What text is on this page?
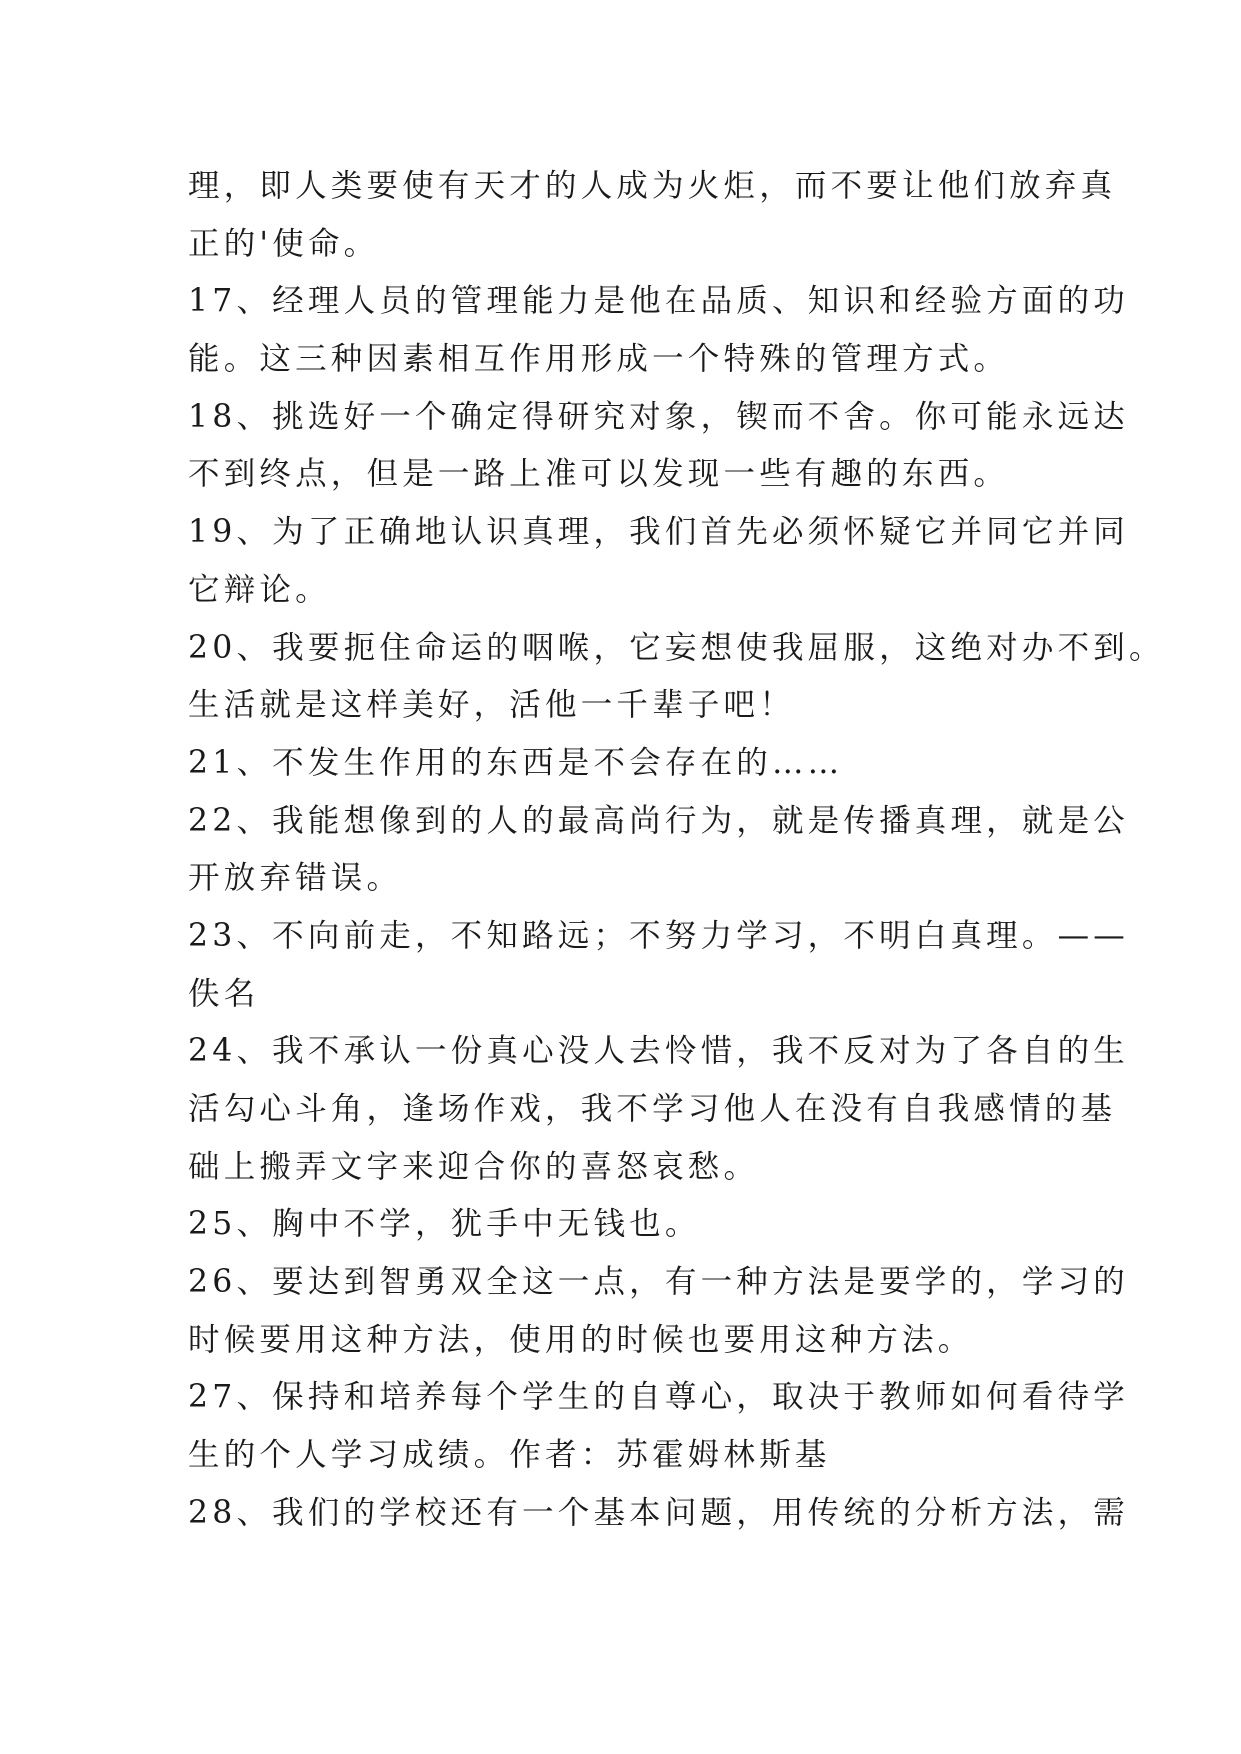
理，即人类要使有天才的人成为火炬，而不要让他们放弃真
正的'使命。
17、经理人员的管理能力是他在品质、知识和经验方面的功
能。这三种因素相互作用形成一个特殊的管理方式。
18、挑选好一个确定得研究对象，锲而不舍。你可能永远达
不到终点，但是一路上准可以发现一些有趣的东西。
19、为了正确地认识真理，我们首先必须怀疑它并同它并同
它辩论。
20、我要扼住命运的咽喉，它妄想使我屈服，这绝对办不到。
生活就是这样美好，活他一千辈子吧！
21、不发生作用的东西是不会存在的……
22、我能想像到的人的最高尚行为，就是传播真理，就是公
开放弃错误。
23、不向前走，不知路远；不努力学习，不明白真理。——
佚名
24、我不承认一份真心没人去怜惜，我不反对为了各自的生
活勾心斗角，逢场作戏，我不学习他人在没有自我感情的基
础上搬弄文字来迎合你的喜怒哀愁。
25、胸中不学，犹手中无钱也。
26、要达到智勇双全这一点，有一种方法是要学的，学习的
时候要用这种方法，使用的时候也要用这种方法。
27、保持和培养每个学生的自尊心，取决于教师如何看待学
生的个人学习成绩。作者：苏霍姆林斯基
28、我们的学校还有一个基本问题，用传统的分析方法，需
